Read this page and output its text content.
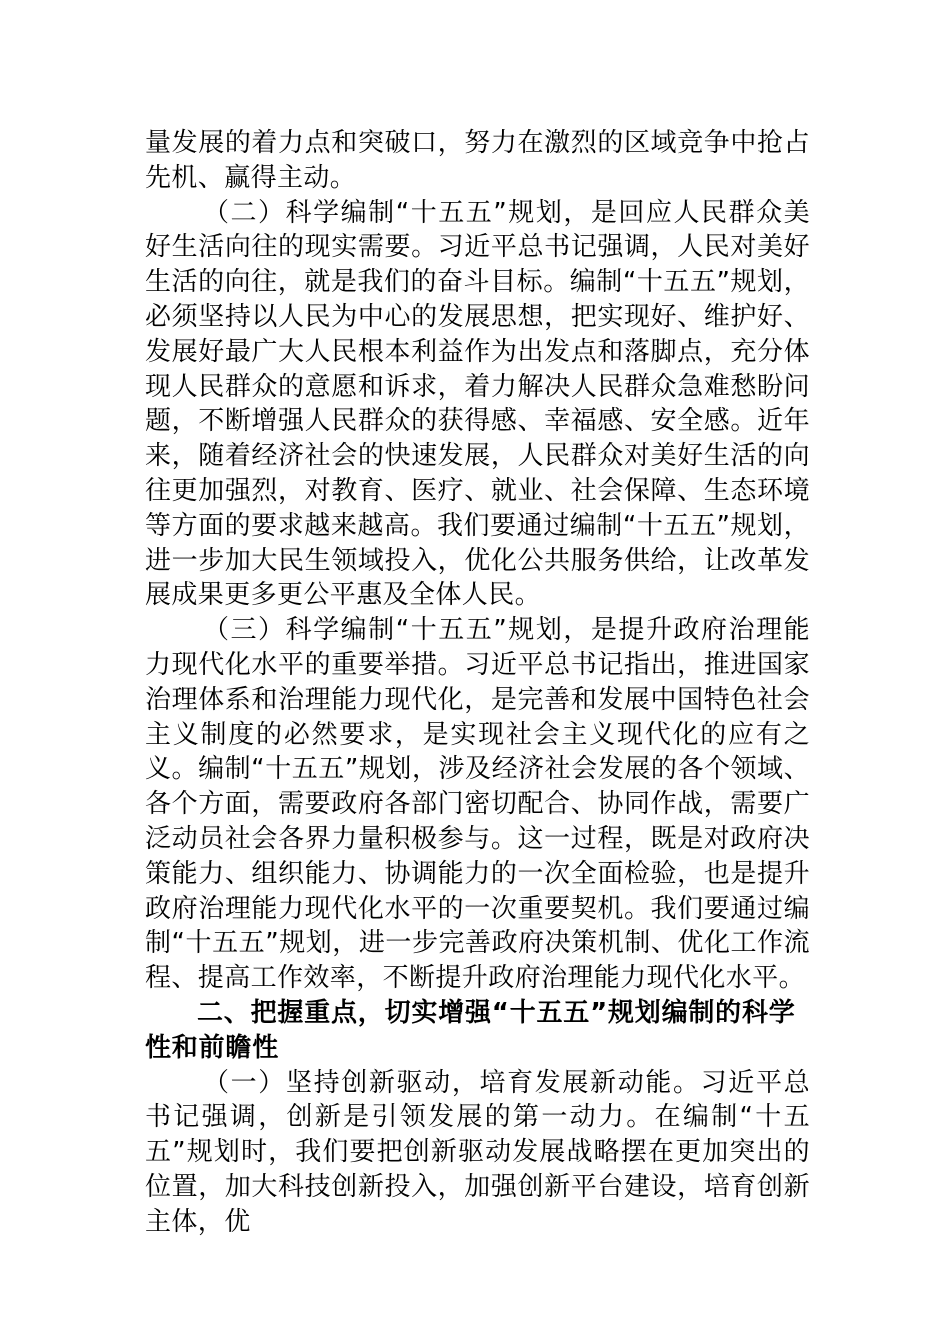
量发展的着力点和突破口，努力在激烈的区域竞争中抢占先机、赢得主动。

（二）科学编制“十五五”规划，是回应人民群众美好生活向往的现实需要。习近平总书记强调，人民对美好生活的向往，就是我们的奋斗目标。编制“十五五”规划，必须坚持以人民为中心的发展思想，把实现好、维护好、发展好最广大人民根本利益作为出发点和落脚点，充分体现人民群众的意愿和诉求，着力解决人民群众急难愁盼问题，不断增强人民群众的获得感、幸福感、安全感。近年来，随着经济社会的快速发展，人民群众对美好生活的向往更加强烈，对教育、医疗、就业、社会保障、生态环境等方面的要求越来越高。我们要通过编制“十五五”规划，进一步加大民生领域投入，优化公共服务供给，让改革发展成果更多更公平惠及全体人民。

（三）科学编制“十五五”规划，是提升政府治理能力现代化水平的重要举措。习近平总书记指出，推进国家治理体系和治理能力现代化，是完善和发展中国特色社会主义制度的必然要求，是实现社会主义现代化的应有之义。编制“十五五”规划，涉及经济社会发展的各个领域、各个方面，需要政府各部门密切配合、协同作战，需要广泛动员社会各界力量积极参与。这一过程，既是对政府决策能力、组织能力、协调能力的一次全面检验，也是提升政府治理能力现代化水平的一次重要契机。我们要通过编制“十五五”规划，进一步完善政府决策机制、优化工作流程、提高工作效率，不断提升政府治理能力现代化水平。

二、把握重点，切实增强“十五五”规划编制的科学性和前瞻性

（一）坚持创新驱动，培育发展新动能。习近平总书记强调，创新是引领发展的第一动力。在编制“十五五”规划时，我们要把创新驱动发展战略摆在更加突出的位置，加大科技创新投入，加强创新平台建设，培育创新主体，优
